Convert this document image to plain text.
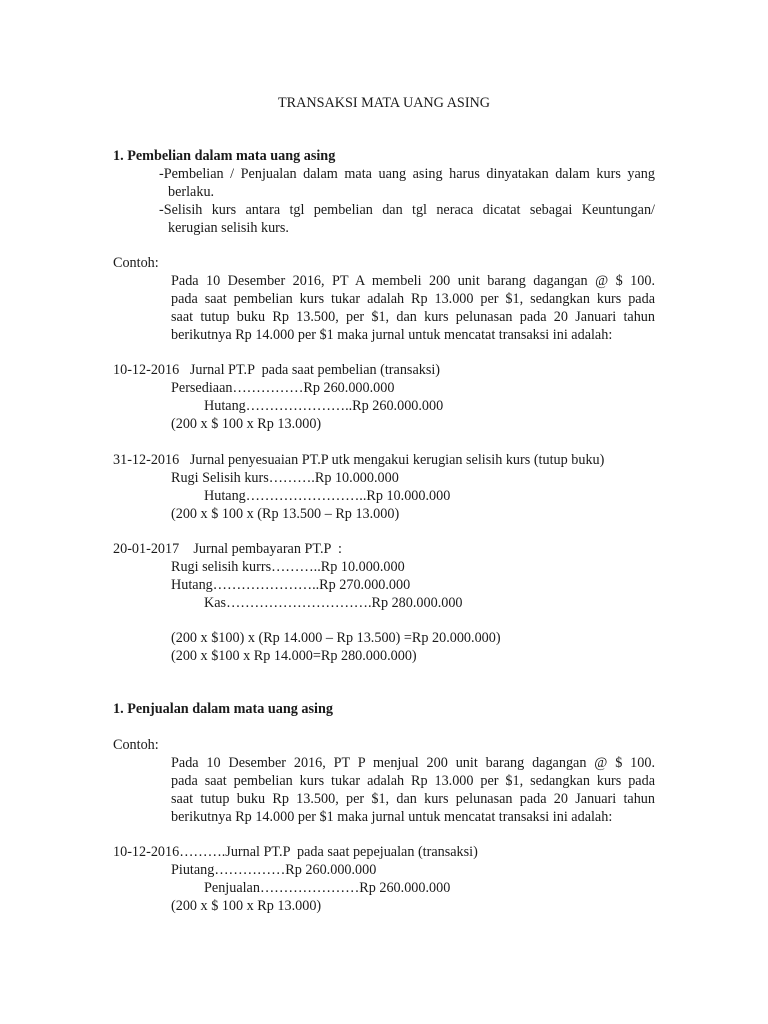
TRANSAKSI MATA UANG ASING
1. Pembelian dalam mata uang asing
-Pembelian / Penjualan dalam mata uang asing harus dinyatakan dalam kurs yang
berlaku.
-Selisih kurs antara tgl pembelian dan tgl neraca dicatat sebagai Keuntungan/
kerugian selisih kurs.
Contoh:
Pada 10 Desember 2016, PT A membeli 200 unit barang dagangan @ $ 100.
pada saat pembelian kurs tukar adalah Rp 13.000 per $1, sedangkan kurs pada
saat tutup buku Rp 13.500, per $1, dan kurs pelunasan pada 20 Januari tahun
berikutnya Rp 14.000 per $1 maka jurnal untuk mencatat transaksi ini adalah:
10-12-2016   Jurnal PT.P  pada saat pembelian (transaksi)
Persediaan……………Rp 260.000.000
Hutang…………………..Rp 260.000.000
(200 x $ 100 x Rp 13.000)
31-12-2016   Jurnal penyesuaian PT.P utk mengakui kerugian selisih kurs (tutup buku)
Rugi Selisih kurs……….Rp 10.000.000
Hutang……………………..Rp 10.000.000
(200 x $ 100 x (Rp 13.500 – Rp 13.000)
20-01-2017    Jurnal pembayaran PT.P  :
Rugi selisih kurrs………..Rp 10.000.000
Hutang…………………..Rp 270.000.000
Kas………………………….Rp 280.000.000
(200 x $100) x (Rp 14.000 – Rp 13.500) =Rp 20.000.000)
(200 x $100 x Rp 14.000=Rp 280.000.000)
1. Penjualan dalam mata uang asing
Contoh:
Pada 10 Desember 2016, PT P menjual 200 unit barang dagangan @ $ 100.
pada saat pembelian kurs tukar adalah Rp 13.000 per $1, sedangkan kurs pada
saat tutup buku Rp 13.500, per $1, dan kurs pelunasan pada 20 Januari tahun
berikutnya Rp 14.000 per $1 maka jurnal untuk mencatat transaksi ini adalah:
10-12-2016……….Jurnal PT.P  pada saat pepejualan (transaksi)
Piutang……………Rp 260.000.000
Penjualan…………………Rp 260.000.000
(200 x $ 100 x Rp 13.000)
